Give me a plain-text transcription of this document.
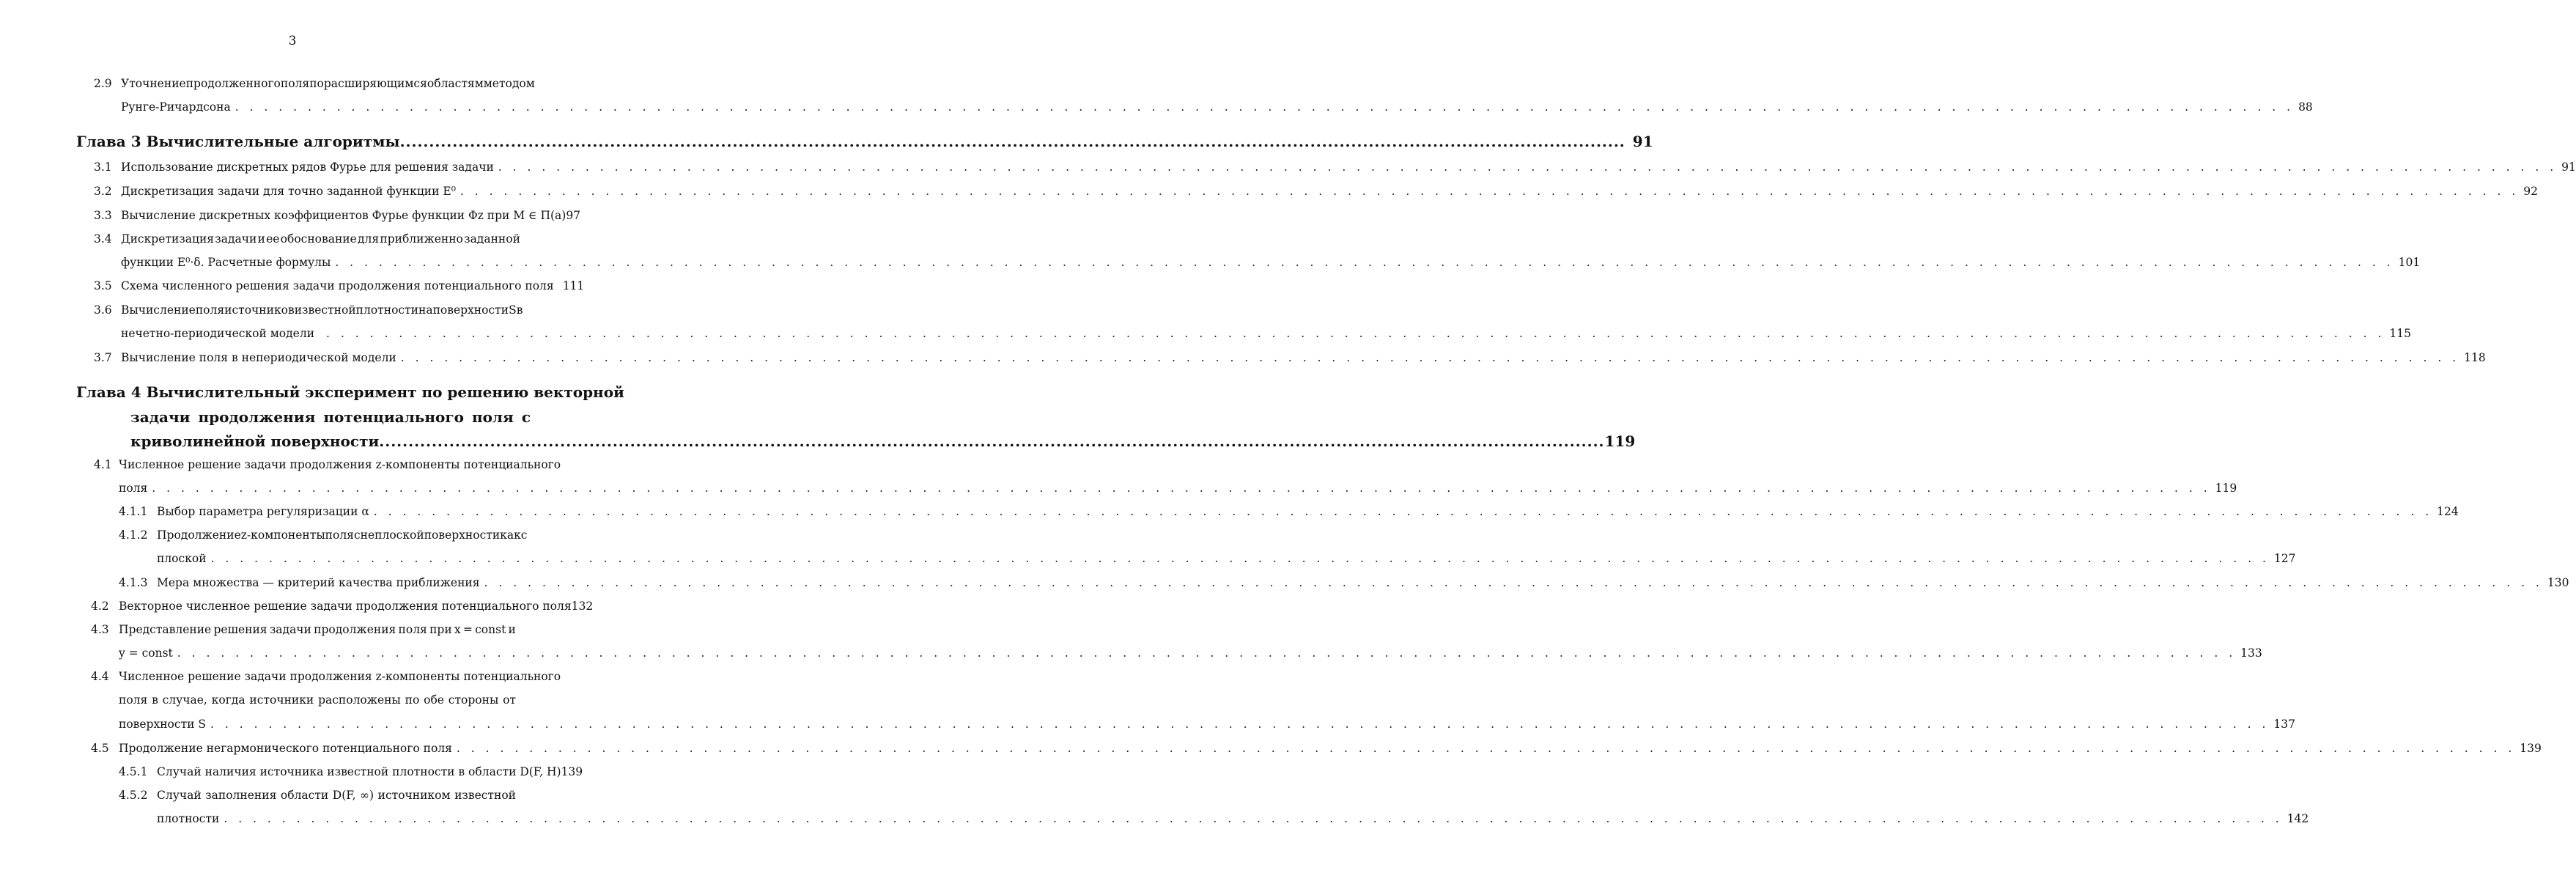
3
2.9 Уточнение продолженного поля по расширяющимся областям методом
Рунге-Ричардсона . . .	88
Глава 3 Вычислительные алгоритмы .....	91
3.1 Использование дискретных рядов Фурье для решения задачи . . .	91
3.2 Дискретизация задачи для точно заданной функции E⁰ . . .	92
3.3 Вычисление дискретных коэффициентов Фурье функции Φz при M ∈ Π(a) 97
3.4 Дискретизация задачи и ее обоснование для приближенно заданной
функции E⁰·δ. Расчетные формулы . . .	101
3.5 Схема численного решения задачи продолжения потенциального поля 111
3.6 Вычисление поля источников известной плотности на поверхности S в
нечетно-периодической модели . . .	115
3.7 Вычисление поля в непериодической модели . . .	118
Глава 4 Вычислительный эксперимент по решению векторной
задачи продолжения потенциального поля с
криволинейной поверхности .....	119
4.1 Численное решение задачи продолжения z-компоненты потенциального
поля . . .	119
4.1.1 Выбор параметра регуляризации α . . .	124
4.1.2 Продолжение z-компоненты поля с неплоской поверхности как с
плоской . . .	127
4.1.3 Мера множества — критерий качества приближения . . .	130
4.2 Векторное численное решение задачи продолжения потенциального поля 132
4.3 Представление решения задачи продолжения поля при x = const и
y = const . . .	133
4.4 Численное решение задачи продолжения z-компоненты потенциального
поля в случае, когда источники расположены по обе стороны от
поверхности S . . .	137
4.5 Продолжение негармонического потенциального поля . . .	139
4.5.1 Случай наличия источника известной плотности в области D(F, H) 139
4.5.2 Случай заполнения области D(F, ∞) источником известной
плотности . . .	142
